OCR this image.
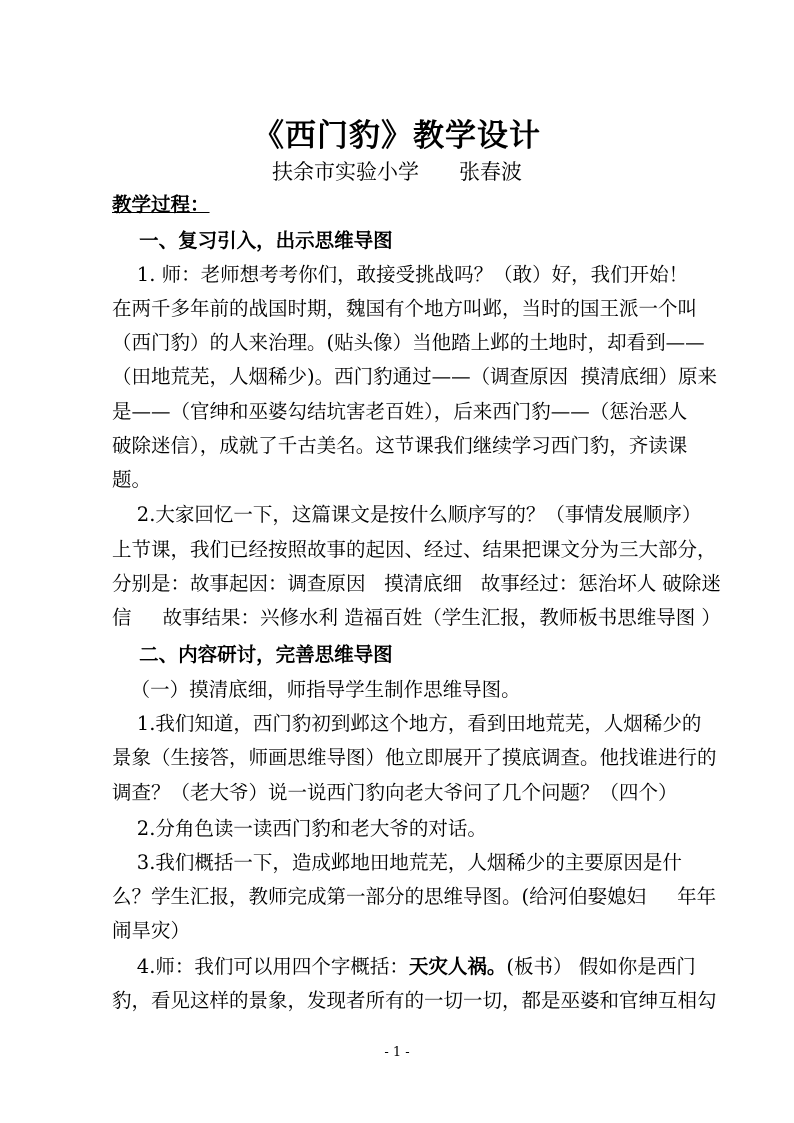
《西门豹》教学设计
扶余市实验小学      张春波
教学过程：
一、复习引入，出示思维导图
1. 师：老师想考考你们，敢接受挑战吗？（敢）好，我们开始！
在两千多年前的战国时期，魏国有个地方叫邺，当时的国王派一个叫
（西门豹）的人来治理。(贴头像）当他踏上邺的土地时，却看到——
（田地荒芜，人烟稀少)。西门豹通过——（调查原因  摸清底细）原来
是——（官绅和巫婆勾结坑害老百姓），后来西门豹——（惩治恶人
破除迷信），成就了千古美名。这节课我们继续学习西门豹，齐读课
题。
2.大家回忆一下，这篇课文是按什么顺序写的？（事情发展顺序）
上节课，我们已经按照故事的起因、经过、结果把课文分为三大部分，
分别是：故事起因：调查原因   摸清底细   故事经过：惩治坏人 破除迷
信     故事结果：兴修水利 造福百姓（学生汇报，教师板书思维导图 ）
二、内容研讨，完善思维导图
（一）摸清底细，师指导学生制作思维导图。
1.我们知道，西门豹初到邺这个地方，看到田地荒芜，人烟稀少的
景象（生接答，师画思维导图）他立即展开了摸底调查。他找谁进行的
调查？（老大爷）说一说西门豹向老大爷问了几个问题？（四个）
2.分角色读一读西门豹和老大爷的对话。
3.我们概括一下，造成邺地田地荒芜，人烟稀少的主要原因是什
么？学生汇报，教师完成第一部分的思维导图。(给河伯娶媳妇     年年
闹旱灾）
4.师：我们可以用四个字概括：天灾人祸。(板书） 假如你是西门
豹，看见这样的景象，发现者所有的一切一切，都是巫婆和官绅互相勾
- 1 -
